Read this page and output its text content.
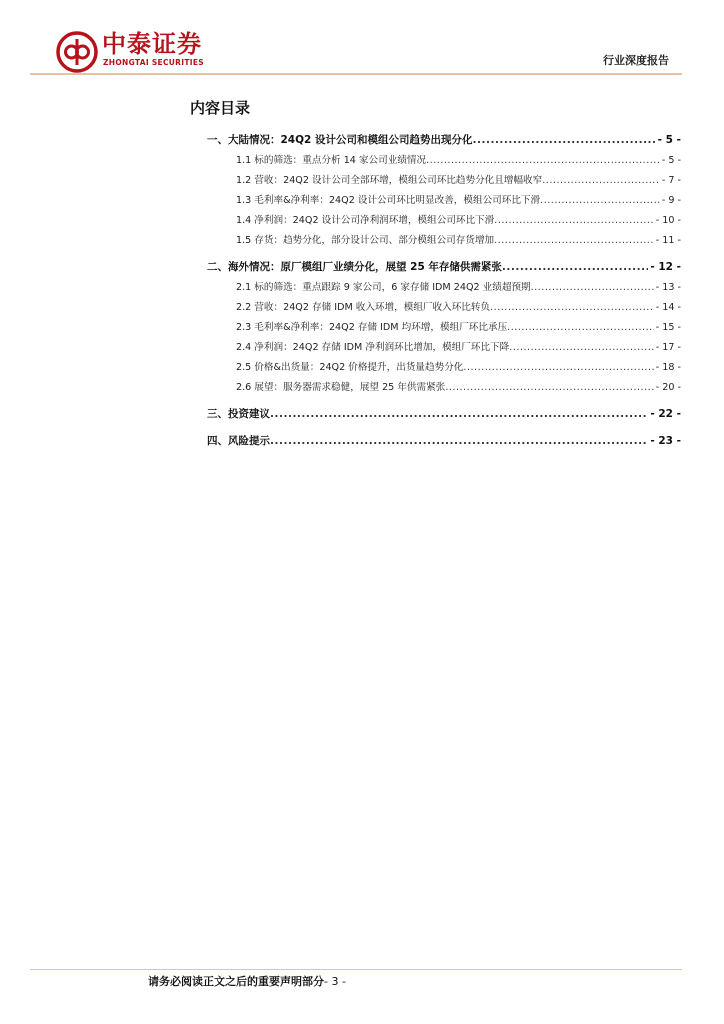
中泰证券
ZHONGTAI SECURITIES	行业深度报告
内容目录
一、大陆情况：24Q2 设计公司和模组公司趋势出现分化 .....	- 5 -
1.1 标的筛选：重点分析 14 家公司业绩情况 .....	- 5 -
1.2 营收：24Q2 设计公司全部环增，模组公司环比趋势分化且增幅收窄 .....	- 7 -
1.3 毛利率&净利率：24Q2 设计公司环比明显改善，模组公司环比下滑 .....	- 9 -
1.4 净利润：24Q2 设计公司净利润环增，模组公司环比下滑 .....	- 10 -
1.5 存货：趋势分化，部分设计公司、部分模组公司存货增加 .....	- 11 -
二、海外情况：原厂模组厂业绩分化，展望 25 年存储供需紧张 .....	- 12 -
2.1 标的筛选：重点跟踪 9 家公司，6 家存储 IDM 24Q2 业绩超预期 .....	- 13 -
2.2 营收：24Q2 存储 IDM 收入环增，模组厂收入环比转负 .....	- 14 -
2.3 毛利率&净利率：24Q2 存储 IDM 均环增，模组厂环比承压 .....	- 15 -
2.4 净利润：24Q2 存储 IDM 净利润环比增加，模组厂环比下降 .....	- 17 -
2.5 价格&出货量：24Q2 价格提升，出货量趋势分化 .....	- 18 -
2.6 展望：服务器需求稳健，展望 25 年供需紧张 .....	- 20 -
三、投资建议 .....	- 22 -
四、风险提示 .....	- 23 -
请务必阅读正文之后的重要声明部分- 3 -
